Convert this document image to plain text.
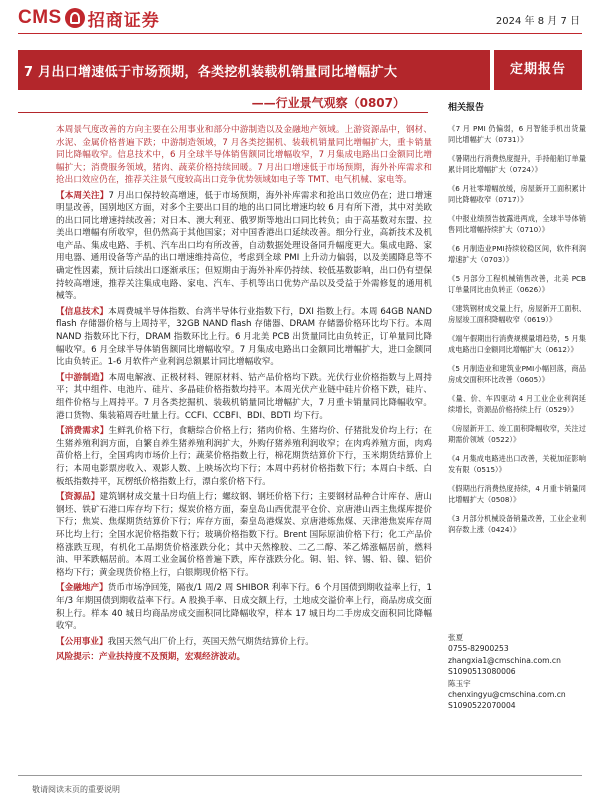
CMS 招商证券	2024 年 8 月 7 日
7 月出口增速低于市场预期，各类挖机装载机销量同比增幅扩大	定期报告
——行业景气观察（0807）
本周景气度改善的方向主要在公用事业和部分中游制造以及金融地产领域。上游资源品中，钢材、水泥、金属价格普遍下跌；中游制造领域，7 月各类挖掘机、装载机销量同比增幅扩大，重卡销量同比降幅收窄。信息技术中，6 月全球半导体销售额同比增幅收窄，7 月集成电路出口金额同比增幅扩大；消费服务领域，猪肉、蔬菜价格持续回暖。7 月出口增速低于市场预期，海外补库需求和抢出口效应仍在，推荐关注景气度较高出口竞争优势领域如电子等 TMT、电气机械、家电等。
【本周关注】7 月出口保持较高增速，低于市场预期，海外补库需求和抢出口效应仍在；进口增速明显改善，国别地区方面，对多个主要出口目的地的出口同比增速均较 6 月有所下滑，其中对美欧的出口同比增速持续改善；对日本、澳大利亚、俄罗斯等地出口同比转负；由于高基数对东盟、拉美出口增幅有所收窄，但仍然高于其他国家；对中国香港出口延续改善。细分行业，高新技术及机电产品、集成电路、手机、汽车出口均有所改善，自动数据处理设备同升幅度更大。集成电路、家用电器、通用设备等产品的出口增速维持高位，考虑到全球 PMI 上升动力偏弱，以及美國降息等不确定性因素，预计后续出口逐渐承压；但短期由于海外补库仍持续、较低基数影响，出口仍有望保持较高增速，推荐关注集成电路、家电、汽车、手机等出口优势产品以及受益于外需修复的通用机械等。
【信息技术】本周费城半导体指数、台湾半导体行业指数下行，DXI 指数上行。本周 64GB NAND flash 存储器价格与上周持平，32GB NAND flash 存储器、DRAM 存储器价格环比均下行。本周 NAND 指数环比下行，DRAM 指数环比上行。6 月北美 PCB 出货量同比由负转正，订单量同比降幅收窄。6 月全球半导体销售额同比增幅收窄。7 月集成电路出口金额同比增幅扩大，进口金额同比由负转正。1-6 月软件产业利润总额累计同比增幅收窄。
【中游制造】本周电解液、正极材料、锂原材料、钴产品价格均下跌。光伏行业价格指数与上周持平；其中组件、电池片、硅片、多晶硅价格指数均持平。本周光伏产业链中硅片价格下跌，硅片、组件价格与上周持平。7 月各类挖掘机、装载机销量同比增幅扩大，7 月重卡销量同比降幅收窄。港口货物、集装箱周吞吐量上行。CCFI、CCBFI、BDI、BDTI 均下行。
【消费需求】生鲜乳价格下行，食糖综合价格上行；猪肉价格、生猪均价、仔猪批发价均上行；在生猪养殖利润方面，自繁自养生猪养殖利润扩大，外购仔猪养殖利润收窄；在肉鸡养殖方面，肉鸡苗价格上行，全国鸡肉市场价上行；蔬菜价格指数上行，棉花期货结算价下行，玉米期货结算价上行；本周电影票房收入、观影人数、上映场次均下行；本周中药材价格指数下行；本周白卡纸、白板纸指数持平，瓦楞纸价格指数上行，漂白浆价格下行。
【资源品】建筑钢材成交量十日均值上行；螺纹钢、钢坯价格下行；主要钢材品种合计库存、唐山钢坯、铁矿石港口库存均下行；煤炭价格方面，秦皇岛山西优混平仓价、京唐港山西主焦煤库提价下行；焦炭、焦煤期货结算价下行；库存方面，秦皇岛港煤炭、京唐港炼焦煤、天津港焦炭库存周环比均上行；全国水泥价格指数下行；玻璃价格指数下行。Brent 国际原油价格下行；化工产品价格涨跌互现，有机化工品期货价格涨跌分化；其中天然橡胶、二乙二醇、苯乙烯涨幅居前，燃料油、甲苯跌幅居前。本周工业金属价格普遍下跌，库存涨跌分化。铜、铝、锌、锡、铅、镍、铝价格均下行；黄金现货价格上行，白银期现价格下行。
【金融地产】货币市场净回笼，隔夜/1 周/2 周 SHIBOR 利率下行。6 个月国债到期收益率上行，1 年/3 年期国债到期收益率下行。A 股换手率、日成交额上行，土地成交溢价率上行，商品房成交面积上行。样本 40 城日均商品房成交面积同比降幅收窄，样本 17 城日均二手房成交面积同比降幅收窄。
【公用事业】我国天然气出厂价上行，英国天然气期货结算价上行。
风险提示：产业扶持度不及预期，宏观经济波动。
相关报告
《7 月 PMI 仍偏弱，6 月智能手机出货量同比增幅扩大（0731）》
《暑期出行消费热度提升，手持船舶订单量累计同比增幅扩大（0724）》
《6 月社零增幅放缓，房屋新开工面积累计同比降幅收窄（0717）》
《中报业绩预告披露进两成，全球半导体销售同比增幅持续扩大（0710）》
《6 月制造业PMI持续较稳区间，软件利润增速扩大（0703）》
《5 月部分工程机械销售改善，北美 PCB 订单量同比由负转正（0626）》
《建筑钢材成交量上行，房屋新开工面积、房屋竣工面积降幅收窄（0619）》
《端午假期出行消费规模量增趋势，5 月集成电路出口金额同比增幅扩大（0612）》
《5 月制造业和建筑业PMI小幅回落，商品房成交面积环比改善（0605）》
《量、价、车四驱动 4 月工业企业利润延续增长，资源品价格持续上行（0529）》
《房屋新开工、竣工面积降幅收窄，关注过期需价领域（0522）》
《4 月集成电路进出口改善，关税加征影响发有限（0515）》
《假期出行消费热度持续，4 月重卡销量同比增幅扩大（0508）》
《3 月部分机械设备销量改善，工业企业利润存数上涨（0424）》
张夏
0755-82900253
zhangxia1@cmschina.com.cn
S1090513080006
陈玉宇
chenxingyu@cmschina.com.cn
S1090522070004
敬请阅读末页的重要说明
